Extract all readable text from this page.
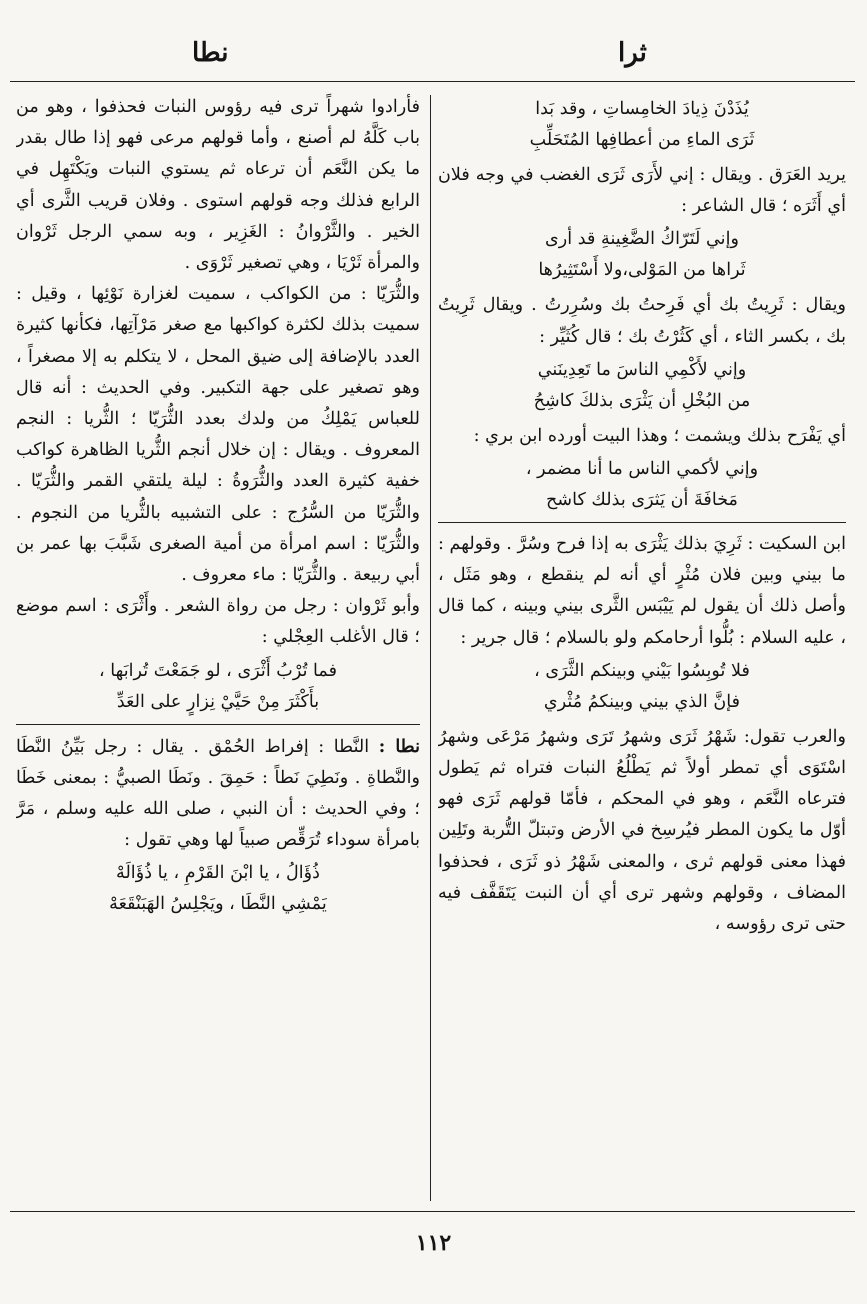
ثرا
نطا
يُذَدْنَ ذِيادَ الخامِساتِ ، وقد بَدا
ثَرَى الماءِ من أعطافِها المُتَحَلِّبِ

يريد العَرَق . ويقال : إني لأَرَى ثَرَى الغضب في وجه فلان أي أَثَرَه ؛ قال الشاعر :

وإني لَتَرّاكُ الضَّغِينةِ قد أرى
ثَراها من المَوْلى،ولا أَسْتَثِيرُها

ويقال : ثَرِيتُ بك أي فَرِحتُ بك وسُرِرتُ . ويقال ثَرِيتُ بك ، بكسر الثاء ، أي كَثُرْتُ بك ؛ قال كُثَيِّر :

وإني لأَكْمِي الناسَ ما تَعِدِينَني
من البُخْلِ أن يَثْرَى بذلكَ كاشِحُ

أي يَفْرَح بذلك ويشمت ؛ وهذا البيت أورده ابن بري :

وإني لأكمي الناس ما أنا مضمر ،
مَخافَةَ أن يَثرَى بذلك كاشح

ابن السكيت : ثَرِيَ بذلك يَثْرَى به إذا فرح وسُرَّ . وقولهم : ما بيني وبين فلان مُثْرٍ أي أنه لم ينقطع ، وهو مَثَل ، وأصل ذلك أن يقول لم يَيْبَس الثَّرى بيني وبينه ، كما قال ، عليه السلام : بُلُّوا أرحامكم ولو بالسلام ؛ قال جرير :

فلا تُوبِسُوا بَيْني وبينكم الثَّرَى ،
فإنَّ الذي بيني وبينكمُ مُثْري

والعرب تقول: شَهْرُ ثَرَى وشهرُ تَرَى وشهرُ مَرْعَى وشهرُ اسْتَوَى أي تمطر أولاً ثم يَطْلُعُ النبات فتراه ثم يَطول فترعاه النَّعَم ، وهو في المحكم ، فأمّا قولهم ثَرَى فهو أوّل ما يكون المطر فيُرسِخ في الأرض وتبتلّ التُّربة وتَلِين فهذا معنى قولهم ثرى ، والمعنى شَهْرُ ذو ثَرَى ، فحذفوا المضاف ، وقولهم وشهر ترى أي أن النبت يَتَقَفَّف فيه حتى ترى رؤوسه ،

فأرادوا شهراً ترى فيه رؤوس النبات فحذفوا ، وهو من باب كَلَّهُ لم أصنع ، وأما قولهم مرعى فهو إذا طال بقدر ما يكن النَّعَم أن ترعاه ثم يستوي النبات ويَكْتَهِل في الرابع فذلك وجه قولهم استوى . وفلان قريب الثَّرى أي الخير . والثَّرْوانُ : الغَزِير ، وبه سمي الرجل ثَرْوان والمرأة ثَرْيَا ، وهي تصغير ثَرْوَى .

والثُّرَيّا : من الكواكب ، سميت لغزارة نَوْئِها ، وقيل : سميت بذلك لكثرة كواكبها مع صغر مَرْآتِها، فكأنها كثيرة العدد بالإضافة إلى ضيق المحل ، لا يتكلم به إلا مصغراً ، وهو تصغير على جهة التكبير. وفي الحديث : أنه قال للعباس يَمْلِكُ من ولدك بعدد الثُّرَيّا ؛ الثُّريا : النجم المعروف . ويقال : إن خلال أنجم الثُّريا الظاهرة كواكب خفية كثيرة العدد والثُّرَوةُ : ليلة يلتقي القمر والثُّرَيّا . والثُّرَيّا من السُّرُج : على التشبيه بالثُّريا من النجوم . والثُّرَيّا : اسم امرأة من أمية الصغرى شَبَّبَ بها عمر بن أبي ربيعة . والثُّرَيّا : ماء معروف .

وأبو ثَرْوان : رجل من رواة الشعر . وأَثْرَى : اسم موضع ؛ قال الأغلب العِجْلي :

فما تُرْبُ أَثْرَى ، لو جَمَعْتَ تُرابَها ،
بأَكْثَرَ مِنْ حَيَّيْ نِزارٍ على العَدِّ

نطا : النَّطا : إفراط الحُمْق . يقال : رجل بَيِّنُ النَّطَا والنَّطاةِ . ونَطِيَ نَطاً : حَمِقَ . ونَطَا الصبيُّ : بمعنى خَطَا ؛ وفي الحديث : أن النبي ، صلى الله عليه وسلم ، مَرَّ بامرأة سوداء تُرَقِّص صبياً لها وهي تقول :

ذُؤَالُ ، يا ابْنَ القَرْمِ ، يا ذُؤَالَهْ
يَمْشِي النَّطَا ، ويَجْلِسُ الهَبَنْقَعَهْ
١١٢
